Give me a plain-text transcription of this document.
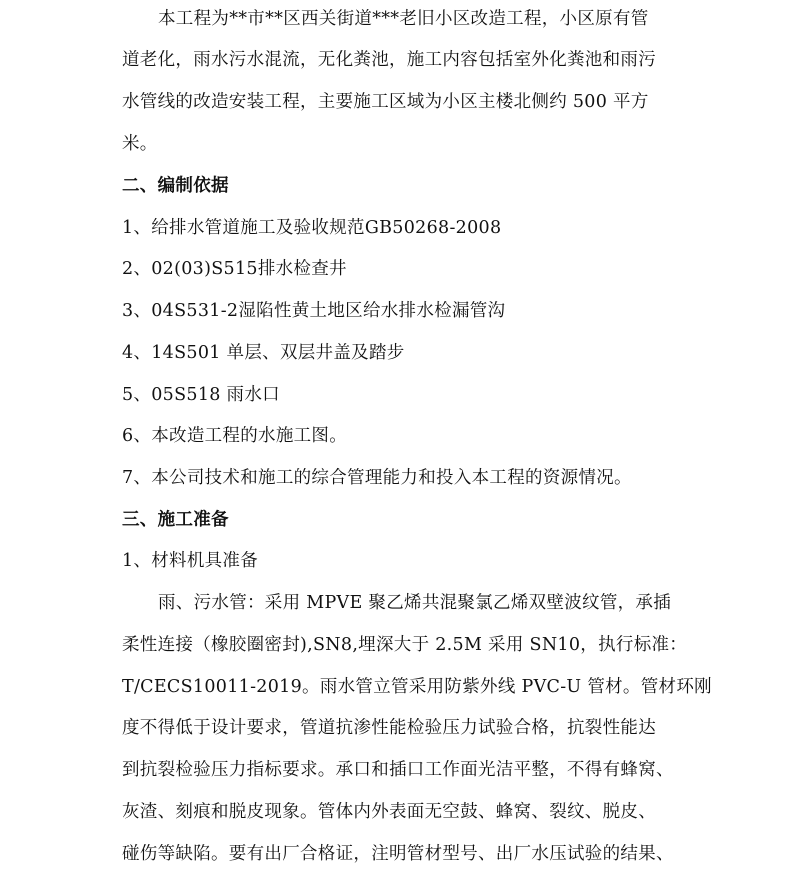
本工程为**市**区西关街道***老旧小区改造工程，小区原有管
道老化，雨水污水混流，无化粪池，施工内容包括室外化粪池和雨污
水管线的改造安装工程，主要施工区域为小区主楼北侧约 500 平方
米。
二、编制依据
1、给排水管道施工及验收规范GB50268-2008
2、02(03)S515排水检查井
3、04S531-2湿陷性黄土地区给水排水检漏管沟
4、14S501 单层、双层井盖及踏步
5、05S518 雨水口
6、本改造工程的水施工图。
7、本公司技术和施工的综合管理能力和投入本工程的资源情况。
三、施工准备
1、材料机具准备
雨、污水管：采用 MPVE 聚乙烯共混聚氯乙烯双壁波纹管，承插
柔性连接（橡胶圈密封),SN8,埋深大于 2.5M 采用 SN10，执行标准：
T/CECS10011-2019。雨水管立管采用防紫外线 PVC-U 管材。管材环刚
度不得低于设计要求，管道抗渗性能检验压力试验合格，抗裂性能达
到抗裂检验压力指标要求。承口和插口工作面光洁平整，不得有蜂窝、
灰渣、刻痕和脱皮现象。管体内外表面无空鼓、蜂窝、裂纹、脱皮、
碰伤等缺陷。要有出厂合格证，注明管材型号、出厂水压试验的结果、
